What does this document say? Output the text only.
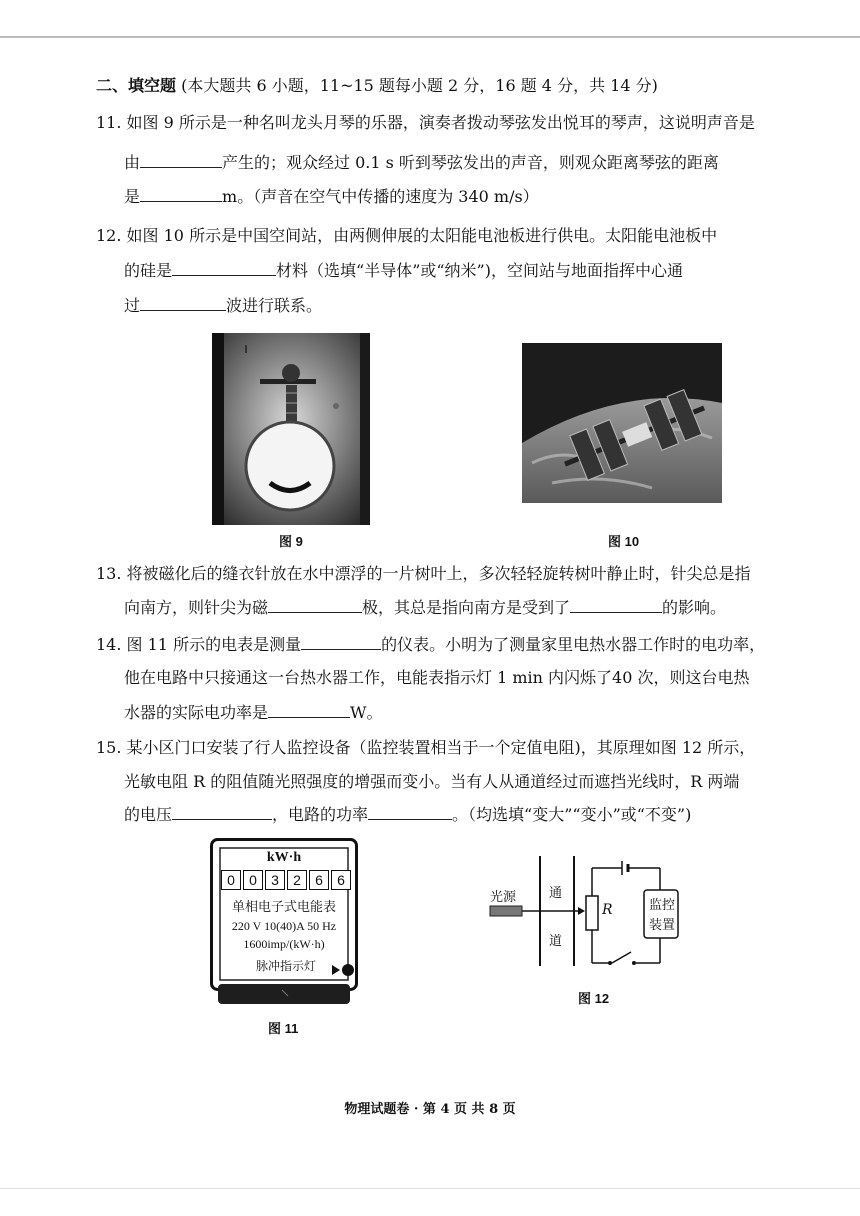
二、填空题 (本大题共 6 小题，11~15 题每小题 2 分，16 题 4 分，共 14 分)
11. 如图 9 所示是一种名叫龙头月琴的乐器，演奏者拨动琴弦发出悦耳的琴声，这说明声音是
由	产生的；观众经过 0.1 s 听到琴弦发出的声音，则观众距离琴弦的距离
是	m。（声音在空气中传播的速度为 340 m/s）
12. 如图 10 所示是中国空间站，由两侧伸展的太阳能电池板进行供电。太阳能电池板中
的硅是	材料（选填“半导体”或“纳米”)，空间站与地面指挥中心通
过	波进行联系。
图 9	图 10
13. 将被磁化后的缝衣针放在水中漂浮的一片树叶上，多次轻轻旋转树叶静止时，针尖总是指
向南方，则针尖为磁	极，其总是指向南方是受到了	的影响。
14. 图 11 所示的电表是测量	的仪表。小明为了测量家里电热水器工作时的电功率，
他在电路中只接通这一台热水器工作，电能表指示灯 1 min 内闪烁了40 次，则这台电热
水器的实际电功率是	W。
15. 某小区门口安装了行人监控设备（监控装置相当于一个定值电阻)，其原理如图 12 所示，
光敏电阻 R 的阻值随光照强度的增强而变小。当有人从通道经过而遮挡光线时，R 两端
的电压	，电路的功率	。（均选填“变大”“变小”或“不变”)
kW·h
0	0	3	2	6	6
单相电子式电能表
220 V 10(40)A 50 Hz
1600imp/(kW·h)
脉冲指示灯
图 11
光源	通
道
R	监控
装置
图 12
物理试题卷 · 第 4 页 共 8 页
